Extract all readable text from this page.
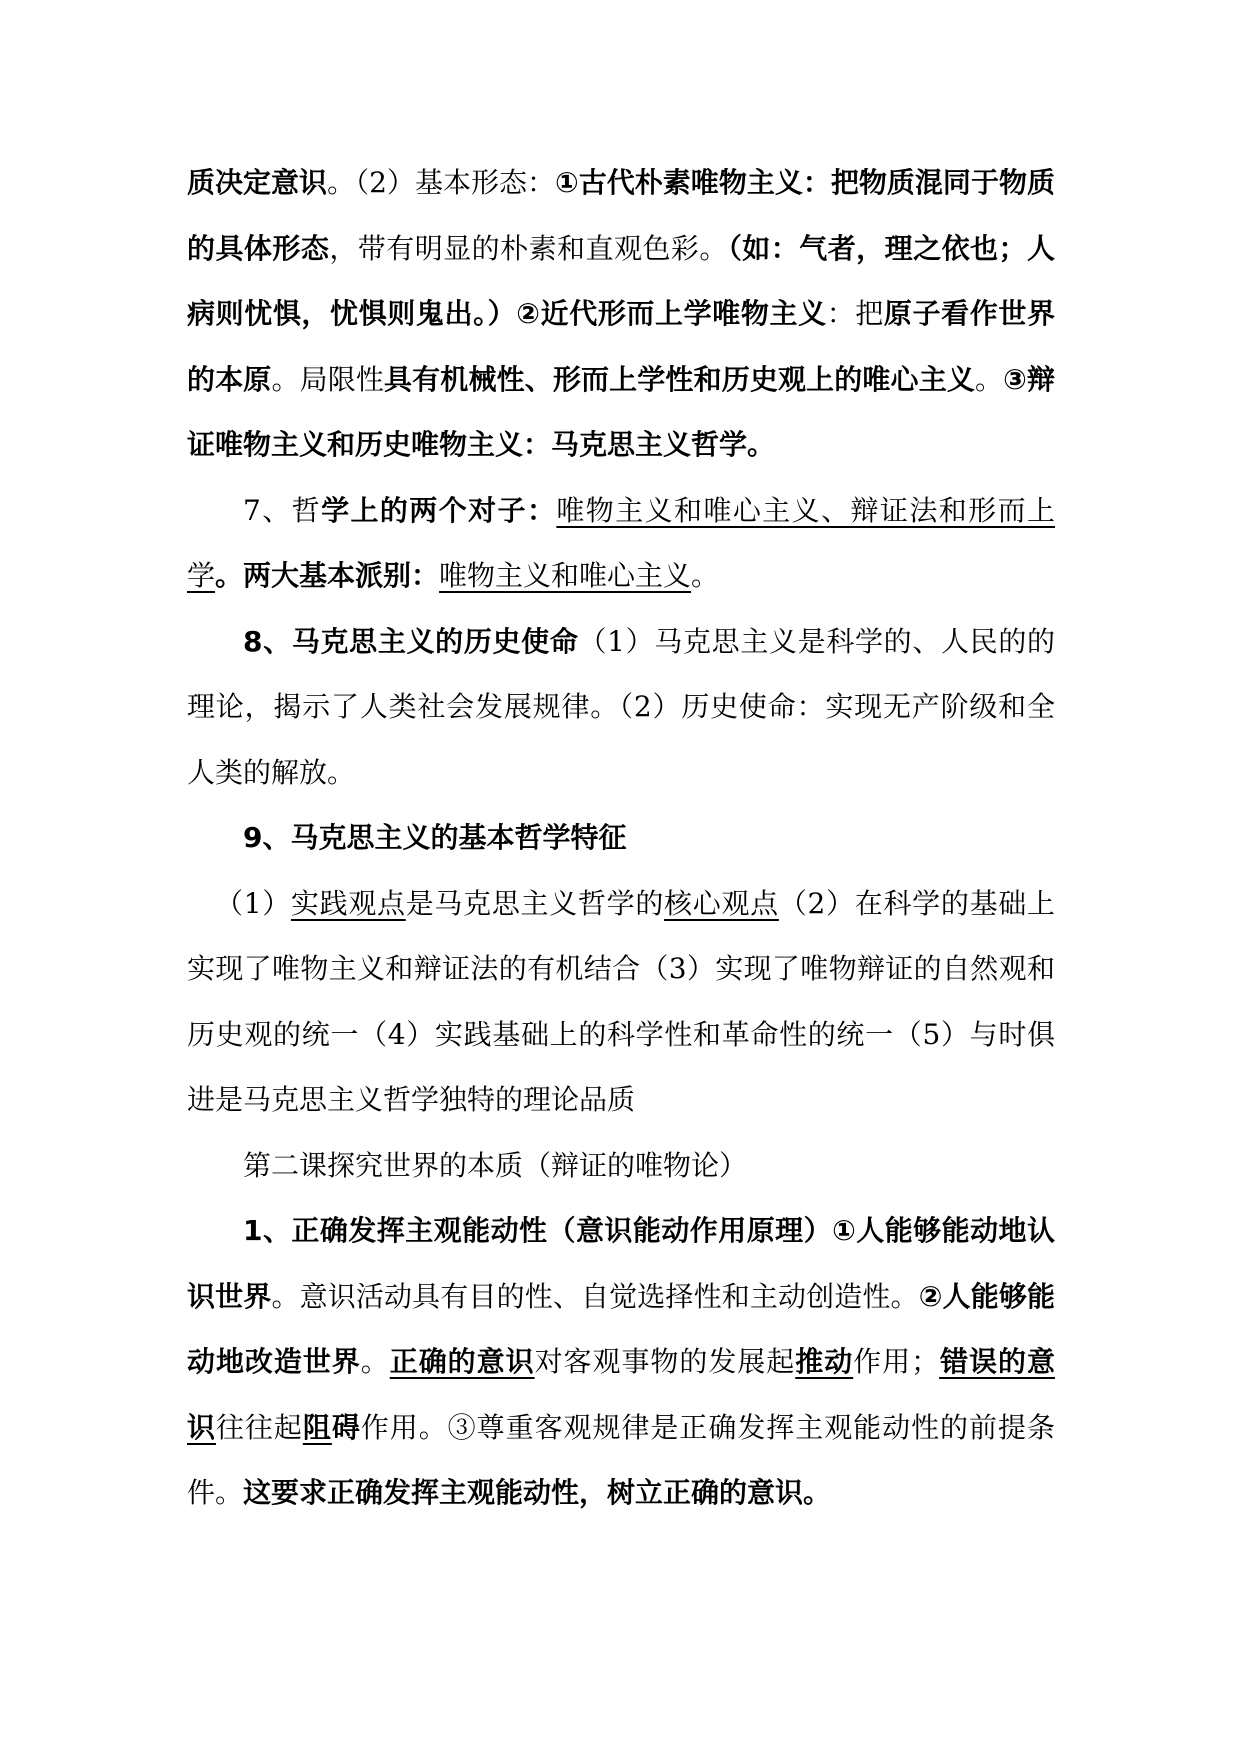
质决定意识。（2）基本形态：①古代朴素唯物主义：把物质混同于物质的具体形态，带有明显的朴素和直观色彩。（如：气者，理之依也；人病则忧惧，忧惧则鬼出。）②近代形而上学唯物主义：把原子看作世界的本原。局限性具有机械性、形而上学性和历史观上的唯心主义。③辩证唯物主义和历史唯物主义：马克思主义哲学。

7、哲学上的两个对子：唯物主义和唯心主义、辩证法和形而上学。两大基本派别：唯物主义和唯心主义。

8、马克思主义的历史使命（1）马克思主义是科学的、人民的的理论，揭示了人类社会发展规律。（2）历史使命：实现无产阶级和全人类的解放。

9、马克思主义的基本哲学特征

（1）实践观点是马克思主义哲学的核心观点（2）在科学的基础上实现了唯物主义和辩证法的有机结合（3）实现了唯物辩证的自然观和历史观的统一（4）实践基础上的科学性和革命性的统一（5）与时俱进是马克思主义哲学独特的理论品质

第二课探究世界的本质（辩证的唯物论）

1、正确发挥主观能动性（意识能动作用原理）①人能够能动地认识世界。意识活动具有目的性、自觉选择性和主动创造性。②人能够能动地改造世界。正确的意识对客观事物的发展起推动作用；错误的意识往往起阻碍作用。③尊重客观规律是正确发挥主观能动性的前提条件。这要求正确发挥主观能动性，树立正确的意识。
